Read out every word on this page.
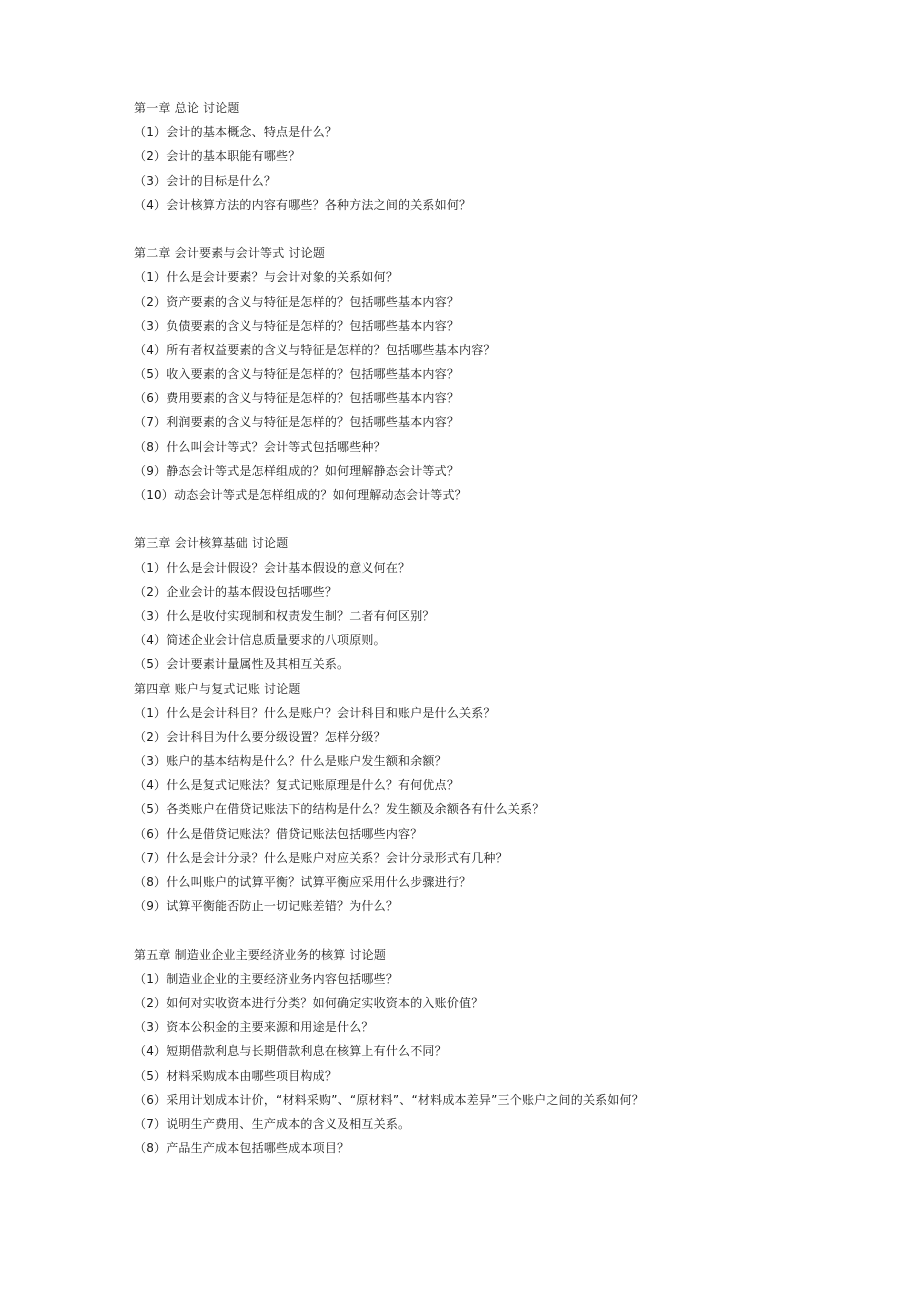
第一章 总论 讨论题
（1）会计的基本概念、特点是什么？
（2）会计的基本职能有哪些？
（3）会计的目标是什么？
（4）会计核算方法的内容有哪些？各种方法之间的关系如何？
第二章 会计要素与会计等式 讨论题
（1）什么是会计要素？与会计对象的关系如何？
（2）资产要素的含义与特征是怎样的？包括哪些基本内容？
（3）负债要素的含义与特征是怎样的？包括哪些基本内容？
（4）所有者权益要素的含义与特征是怎样的？包括哪些基本内容？
（5）收入要素的含义与特征是怎样的？包括哪些基本内容？
（6）费用要素的含义与特征是怎样的？包括哪些基本内容？
（7）利润要素的含义与特征是怎样的？包括哪些基本内容？
（8）什么叫会计等式？会计等式包括哪些种？
（9）静态会计等式是怎样组成的？如何理解静态会计等式？
（10）动态会计等式是怎样组成的？如何理解动态会计等式？
第三章 会计核算基础 讨论题
（1）什么是会计假设？会计基本假设的意义何在？
（2）企业会计的基本假设包括哪些？
（3）什么是收付实现制和权责发生制？二者有何区别？
（4）简述企业会计信息质量要求的八项原则。
（5）会计要素计量属性及其相互关系。
第四章 账户与复式记账 讨论题
（1）什么是会计科目？什么是账户？会计科目和账户是什么关系？
（2）会计科目为什么要分级设置？怎样分级？
（3）账户的基本结构是什么？什么是账户发生额和余额？
（4）什么是复式记账法？复式记账原理是什么？有何优点？
（5）各类账户在借贷记账法下的结构是什么？发生额及余额各有什么关系？
（6）什么是借贷记账法？借贷记账法包括哪些内容？
（7）什么是会计分录？什么是账户对应关系？会计分录形式有几种？
（8）什么叫账户的试算平衡？试算平衡应采用什么步骤进行？
（9）试算平衡能否防止一切记账差错？为什么？
第五章 制造业企业主要经济业务的核算 讨论题
（1）制造业企业的主要经济业务内容包括哪些？
（2）如何对实收资本进行分类？如何确定实收资本的入账价值？
（3）资本公积金的主要来源和用途是什么？
（4）短期借款利息与长期借款利息在核算上有什么不同？
（5）材料采购成本由哪些项目构成？
（6）采用计划成本计价，“材料采购”、“原材料”、“材料成本差异”三个账户之间的关系如何？
（7）说明生产费用、生产成本的含义及相互关系。
（8）产品生产成本包括哪些成本项目？
